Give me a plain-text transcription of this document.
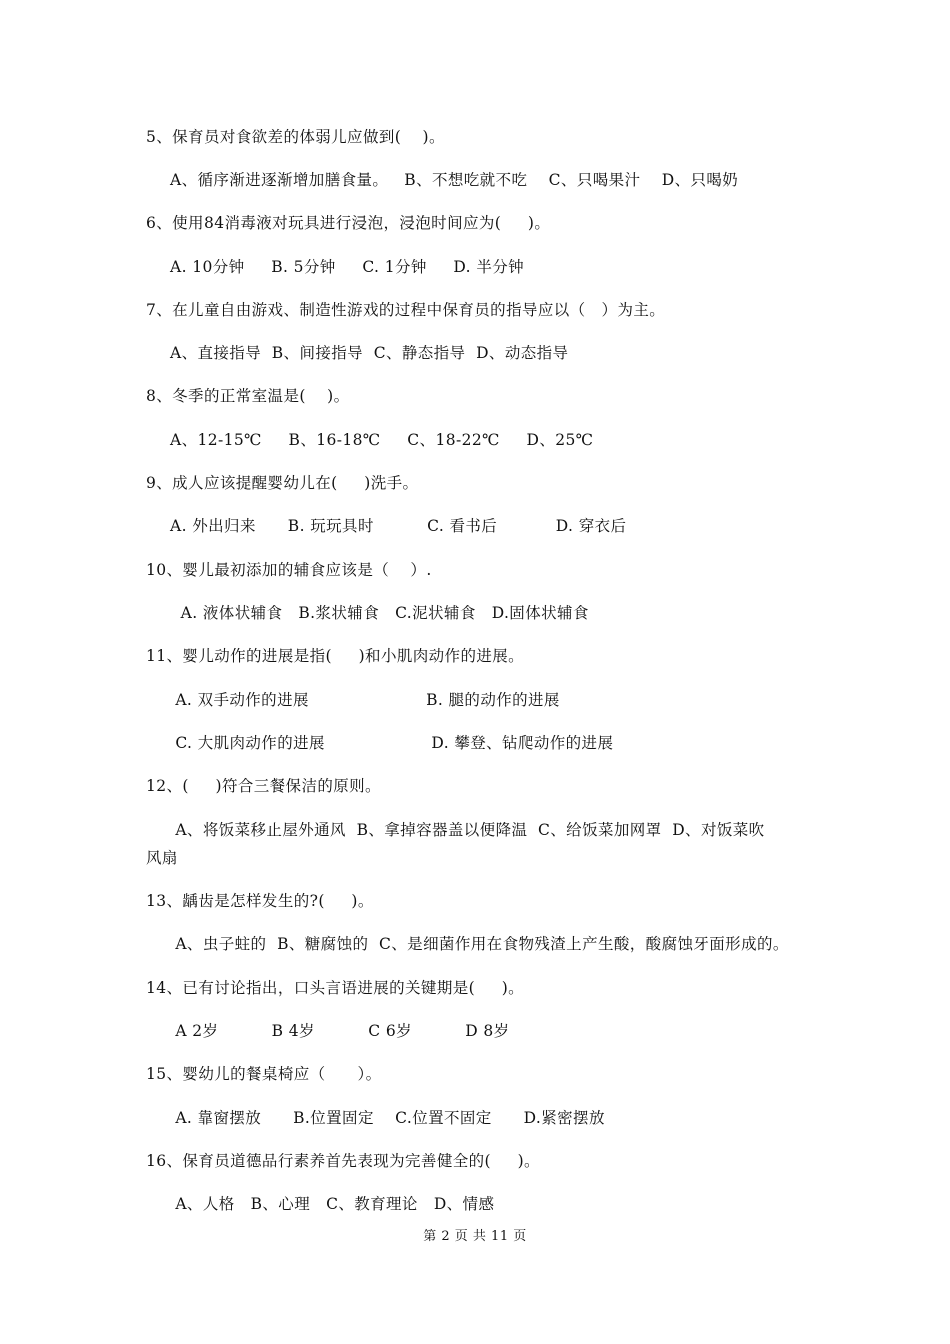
5、保育员对食欲差的体弱儿应做到(    )。
A、循序渐进逐渐增加膳食量。   B、不想吃就不吃    C、只喝果汁    D、只喝奶
6、使用84消毒液对玩具进行浸泡，浸泡时间应为(     )。
A. 10分钟     B. 5分钟     C. 1分钟     D. 半分钟
7、在儿童自由游戏、制造性游戏的过程中保育员的指导应以（   ）为主。
A、直接指导  B、间接指导  C、静态指导  D、动态指导
8、冬季的正常室温是(    )。
A、12-15℃     B、16-18℃     C、18-22℃     D、25℃
9、成人应该提醒婴幼儿在(     )洗手。
A. 外出归来      B. 玩玩具时          C. 看书后           D. 穿衣后
10、婴儿最初添加的辅食应该是（    ）.
A. 液体状辅食   B.浆状辅食   C.泥状辅食   D.固体状辅食
11、婴儿动作的进展是指(     )和小肌肉动作的进展。
A. 双手动作的进展                      B. 腿的动作的进展
C. 大肌肉动作的进展                    D. 攀登、钻爬动作的进展
12、(     )符合三餐保洁的原则。
A、将饭菜移止屋外通风  B、拿掉容器盖以便降温  C、给饭菜加网罩  D、对饭菜吹
风扇
13、龋齿是怎样发生的?(     )。
A、虫子蛀的  B、糖腐蚀的  C、是细菌作用在食物残渣上产生酸，酸腐蚀牙面形成的。
14、已有讨论指出，口头言语进展的关键期是(     )。
A 2岁          B 4岁          C 6岁          D 8岁
15、婴幼儿的餐桌椅应（      ）。
A. 靠窗摆放      B.位置固定    C.位置不固定      D.紧密摆放
16、保育员道德品行素养首先表现为完善健全的(     )。
A、人格   B、心理   C、教育理论   D、情感
第 2 页 共 11 页
